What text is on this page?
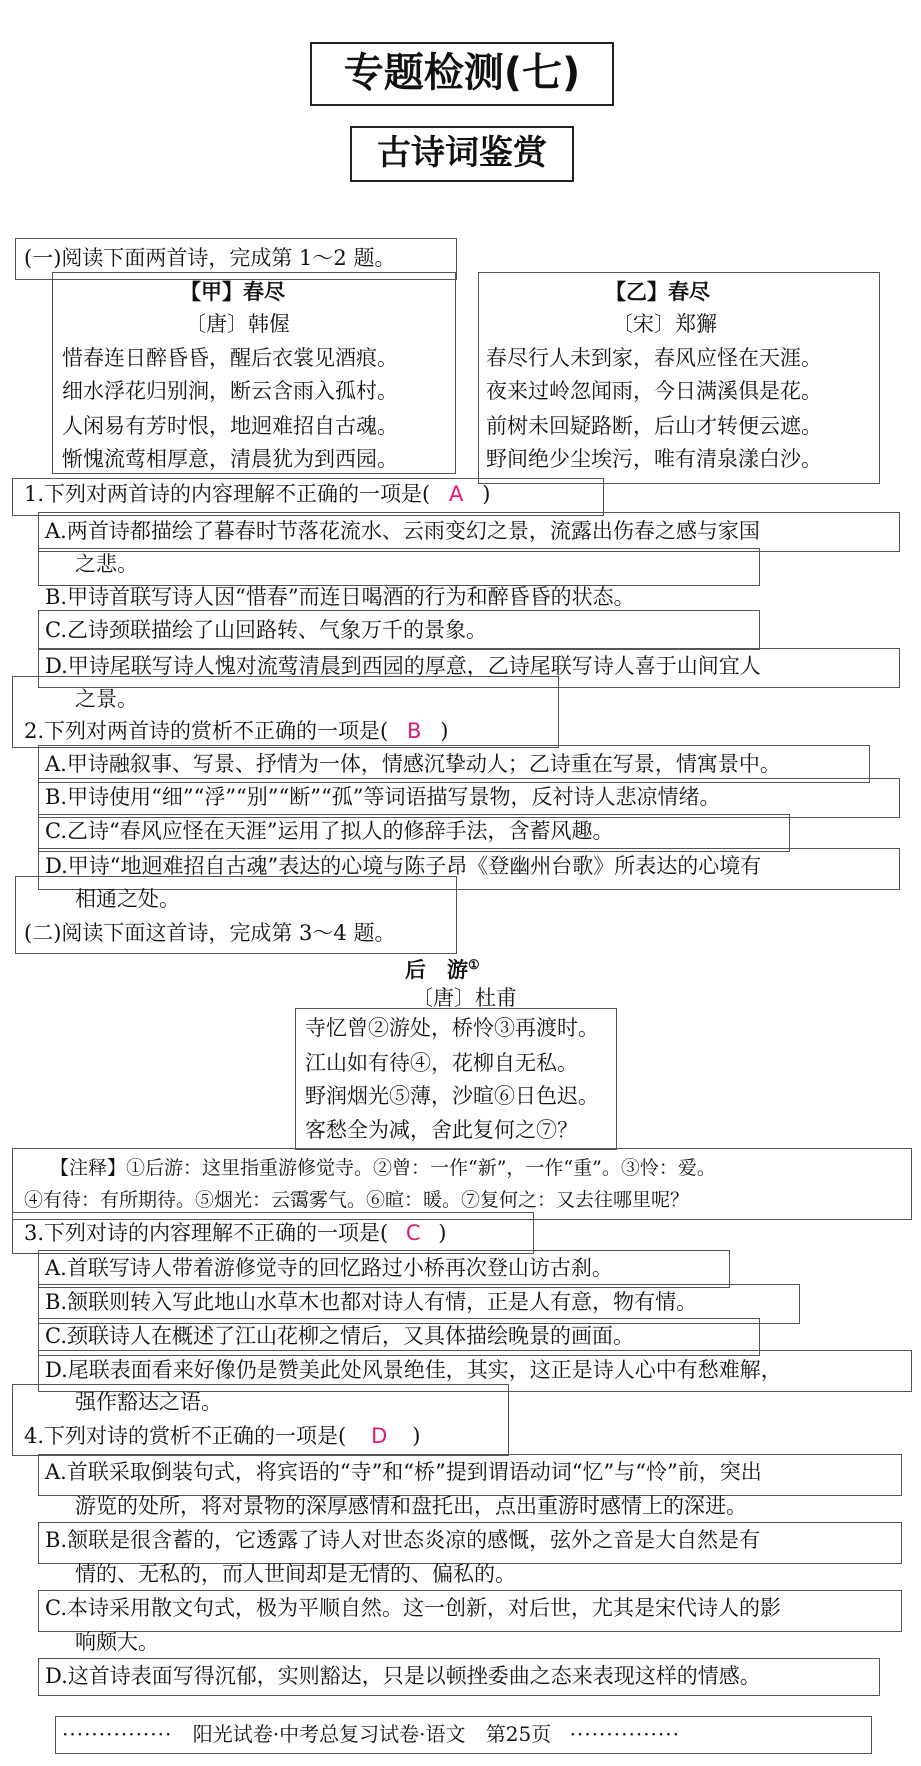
专题检测(七)
古诗词鉴赏
(一)阅读下面两首诗，完成第 1～2 题。
【甲】春尽
〔唐〕韩偓
惜春连日醉昏昏，醒后衣裳见酒痕。
细水浮花归别涧，断云含雨入孤村。
人闲易有芳时恨，地迥难招自古魂。
惭愧流莺相厚意，清晨犹为到西园。
【乙】春尽
〔宋〕郑獬
春尽行人未到家，春风应怪在天涯。
夜来过岭忽闻雨，今日满溪俱是花。
前树未回疑路断，后山才转便云遮。
野间绝少尘埃污，唯有清泉漾白沙。
1.下列对两首诗的内容理解不正确的一项是( A )
A.两首诗都描绘了暮春时节落花流水、云雨变幻之景，流露出伤春之感与家国
之悲。
B.甲诗首联写诗人因“惜春”而连日喝酒的行为和醉昏昏的状态。
C.乙诗颈联描绘了山回路转、气象万千的景象。
D.甲诗尾联写诗人愧对流莺清晨到西园的厚意，乙诗尾联写诗人喜于山间宜人
之景。
2.下列对两首诗的赏析不正确的一项是( B )
A.甲诗融叙事、写景、抒情为一体，情感沉挚动人；乙诗重在写景，情寓景中。
B.甲诗使用“细”“浮”“别”“断”“孤”等词语描写景物，反衬诗人悲凉情绪。
C.乙诗“春风应怪在天涯”运用了拟人的修辞手法，含蓄风趣。
D.甲诗“地迥难招自古魂”表达的心境与陈子昂《登幽州台歌》所表达的心境有
相通之处。
(二)阅读下面这首诗，完成第 3～4 题。
后　游①
〔唐〕杜甫
寺忆曾②游处，桥怜③再渡时。
江山如有待④，花柳自无私。
野润烟光⑤薄，沙暄⑥日色迟。
客愁全为减，舍此复何之⑦？
【注释】①后游：这里指重游修觉寺。②曾：一作“新”，一作“重”。③怜：爱。
④有待：有所期待。⑤烟光：云霭雾气。⑥暄：暖。⑦复何之：又去往哪里呢？
3.下列对诗的内容理解不正确的一项是( C )
A.首联写诗人带着游修觉寺的回忆路过小桥再次登山访古刹。
B.颔联则转入写此地山水草木也都对诗人有情，正是人有意，物有情。
C.颈联诗人在概述了江山花柳之情后，又具体描绘晚景的画面。
D.尾联表面看来好像仍是赞美此处风景绝佳，其实，这正是诗人心中有愁难解，
强作豁达之语。
4.下列对诗的赏析不正确的一项是( D )
A.首联采取倒装句式，将宾语的“寺”和“桥”提到谓语动词“忆”与“怜”前，突出
游览的处所，将对景物的深厚感情和盘托出，点出重游时感情上的深进。
B.颔联是很含蓄的，它透露了诗人对世态炎凉的感慨，弦外之音是大自然是有
情的、无私的，而人世间却是无情的、偏私的。
C.本诗采用散文句式，极为平顺自然。这一创新，对后世，尤其是宋代诗人的影
响颇大。
D.这首诗表面写得沉郁，实则豁达，只是以顿挫委曲之态来表现这样的情感。
··············· 阳光试卷·中考总复习试卷·语文 第25页 ···············
